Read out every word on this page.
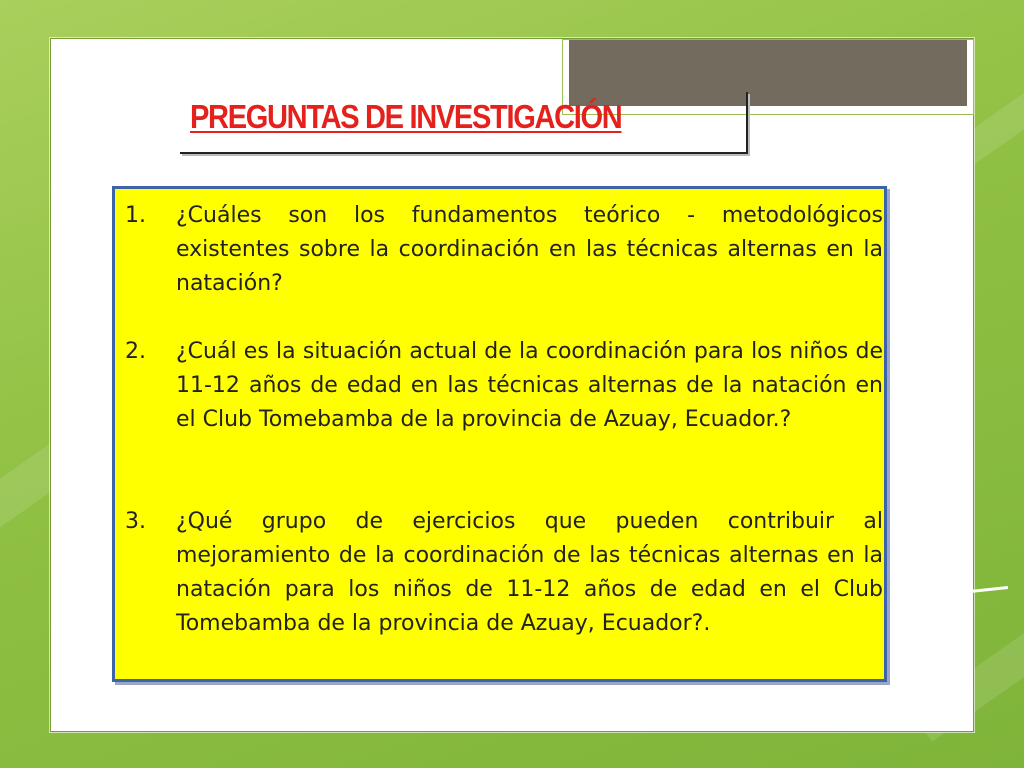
PREGUNTAS DE INVESTIGACIÓN
1.	¿Cuáles son los fundamentos teórico - metodológicos existentes sobre la coordinación en las técnicas alternas en la natación?
2.	¿Cuál es la situación actual de la coordinación para los niños de 11-12 años de edad en las técnicas alternas de la natación en el Club Tomebamba de la provincia de Azuay, Ecuador.?
3.	¿Qué grupo de ejercicios que pueden contribuir al mejoramiento de la coordinación de las técnicas alternas en la natación para los niños de 11-12 años de edad en el Club Tomebamba de la provincia de Azuay, Ecuador?.
